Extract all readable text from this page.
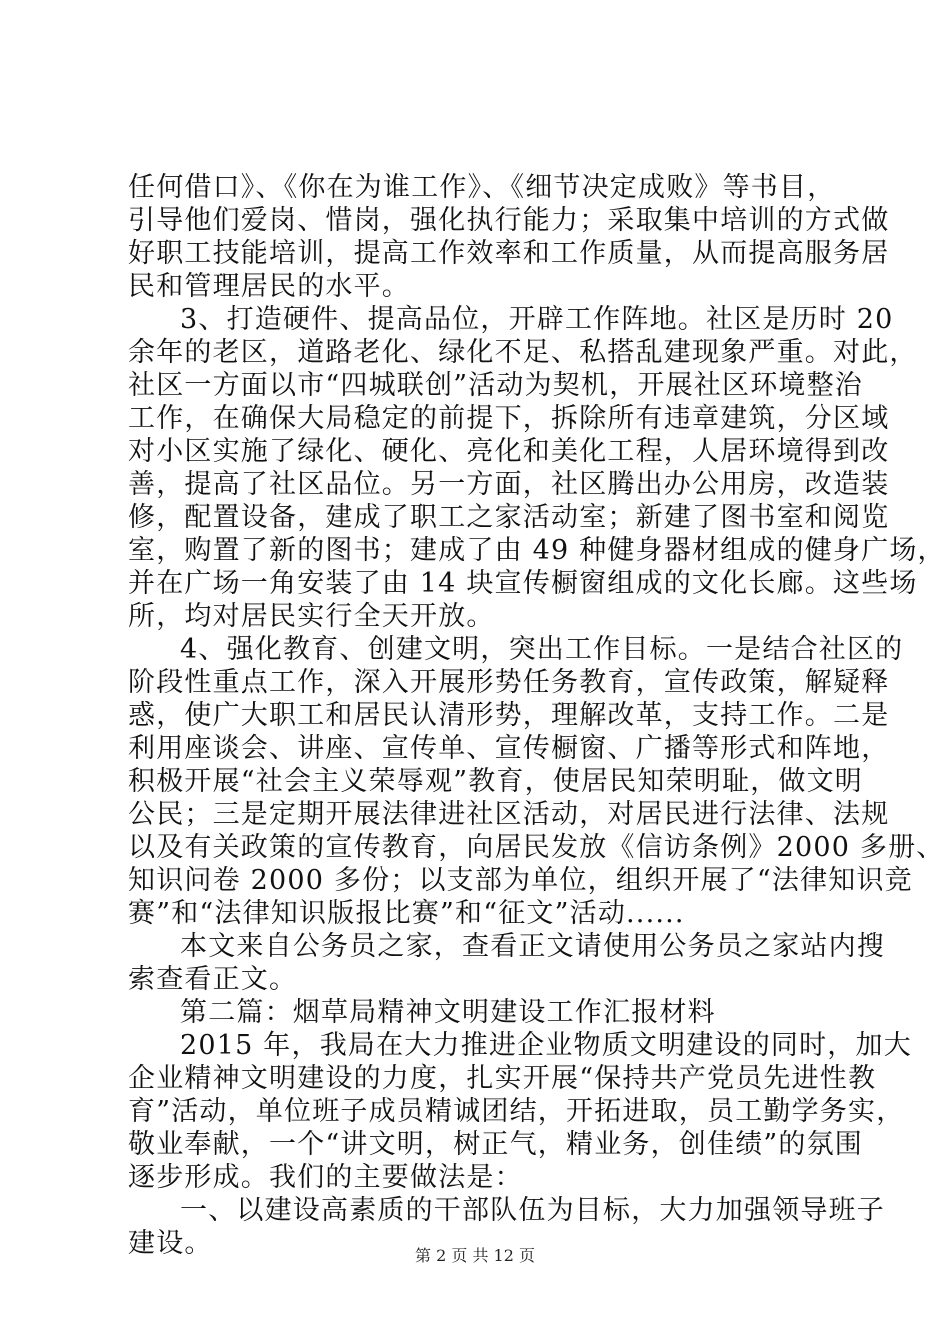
任何借口》、《你在为谁工作》、《细节决定成败》等书目，
引导他们爱岗、惜岗，强化执行能力；采取集中培训的方式做
好职工技能培训，提高工作效率和工作质量，从而提高服务居
民和管理居民的水平。
3、打造硬件、提高品位，开辟工作阵地。社区是历时 20
余年的老区，道路老化、绿化不足、私搭乱建现象严重。对此，
社区一方面以市“四城联创”活动为契机，开展社区环境整治
工作，在确保大局稳定的前提下，拆除所有违章建筑，分区域
对小区实施了绿化、硬化、亮化和美化工程，人居环境得到改
善，提高了社区品位。另一方面，社区腾出办公用房，改造装
修，配置设备，建成了职工之家活动室；新建了图书室和阅览
室，购置了新的图书；建成了由 49 种健身器材组成的健身广场，
并在广场一角安装了由 14 块宣传橱窗组成的文化长廊。这些场
所，均对居民实行全天开放。
4、强化教育、创建文明，突出工作目标。一是结合社区的
阶段性重点工作，深入开展形势任务教育，宣传政策，解疑释
惑，使广大职工和居民认清形势，理解改革，支持工作。二是
利用座谈会、讲座、宣传单、宣传橱窗、广播等形式和阵地，
积极开展“社会主义荣辱观”教育，使居民知荣明耻，做文明
公民；三是定期开展法律进社区活动，对居民进行法律、法规
以及有关政策的宣传教育，向居民发放《信访条例》2000 多册、
知识问卷 2000 多份；以支部为单位，组织开展了“法律知识竞
赛”和“法律知识版报比赛”和“征文”活动......
本文来自公务员之家，查看正文请使用公务员之家站内搜
索查看正文。
第二篇：烟草局精神文明建设工作汇报材料
2015 年，我局在大力推进企业物质文明建设的同时，加大
企业精神文明建设的力度，扎实开展“保持共产党员先进性教
育”活动，单位班子成员精诚团结，开拓进取，员工勤学务实，
敬业奉献，一个“讲文明，树正气，精业务，创佳绩”的氛围
逐步形成。我们的主要做法是：
一、以建设高素质的干部队伍为目标，大力加强领导班子
建设。	第 2 页 共 12 页
